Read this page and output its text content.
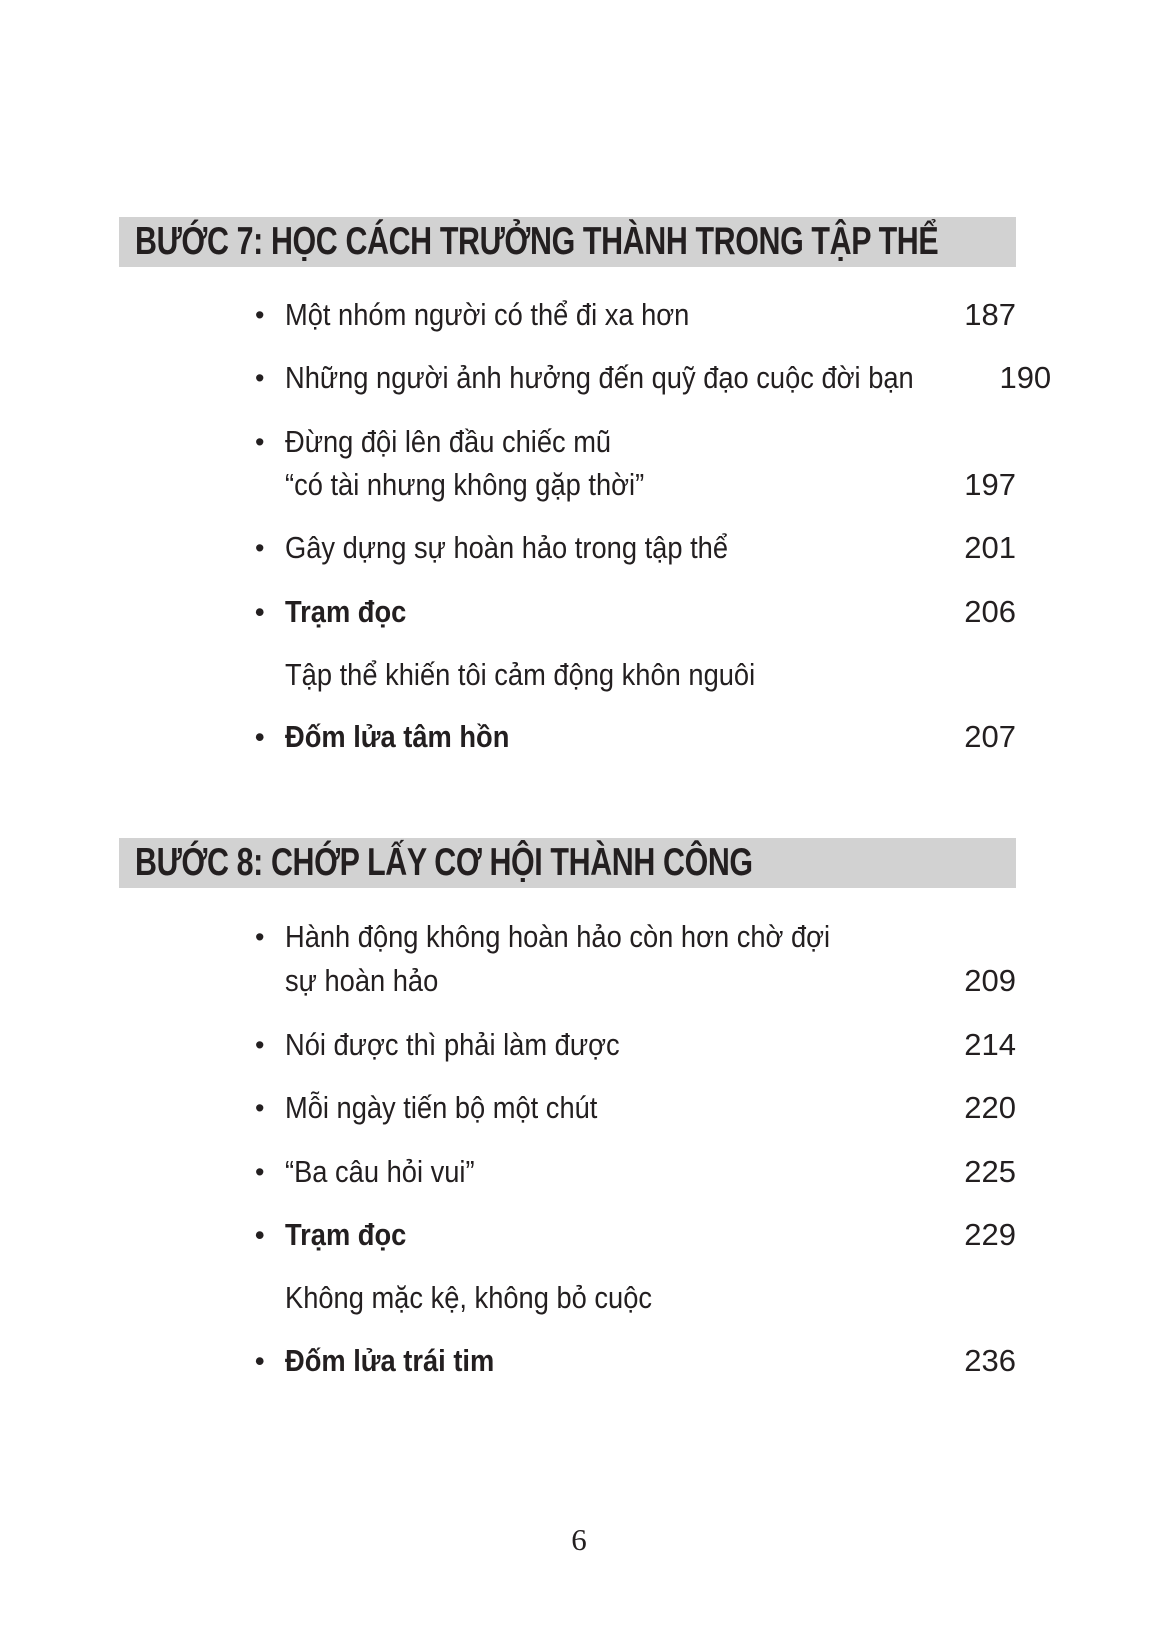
BƯỚC 7: HỌC CÁCH TRƯỞNG THÀNH TRONG TẬP THỂ
• Một nhóm người có thể đi xa hơn	187
• Những người ảnh hưởng đến quỹ đạo cuộc đời bạn	190
• Đừng đội lên đầu chiếc mũ
“có tài nhưng không gặp thời”	197
• Gây dựng sự hoàn hảo trong tập thể	201
• Trạm đọc	206
Tập thể khiến tôi cảm động khôn nguôi
• Đốm lửa tâm hồn	207
BƯỚC 8: CHỚP LẤY CƠ HỘI THÀNH CÔNG
• Hành động không hoàn hảo còn hơn chờ đợi
sự hoàn hảo	209
• Nói được thì phải làm được	214
• Mỗi ngày tiến bộ một chút	220
• “Ba câu hỏi vui”	225
• Trạm đọc	229
Không mặc kệ, không bỏ cuộc
• Đốm lửa trái tim	236
6
